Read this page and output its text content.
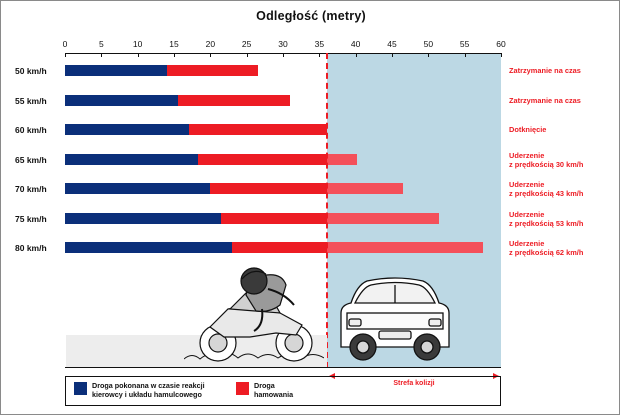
Odległość (metry)
0	5	10	15	20	25	30	35	40	45	50	55	60
50 km/h
55 km/h
60 km/h
65 km/h
70 km/h
75 km/h
80 km/h
Zatrzymanie na czas
Zatrzymanie na czas
Dotknięcie
Uderzenie
z prędkością 30 km/h
Uderzenie
z prędkością 43 km/h
Uderzenie
z prędkością 53 km/h
Uderzenie
z prędkością 62 km/h
Strefa kolizji
Droga pokonana w czasie reakcji
kierowcy i układu hamulcowego
Droga
hamowania
